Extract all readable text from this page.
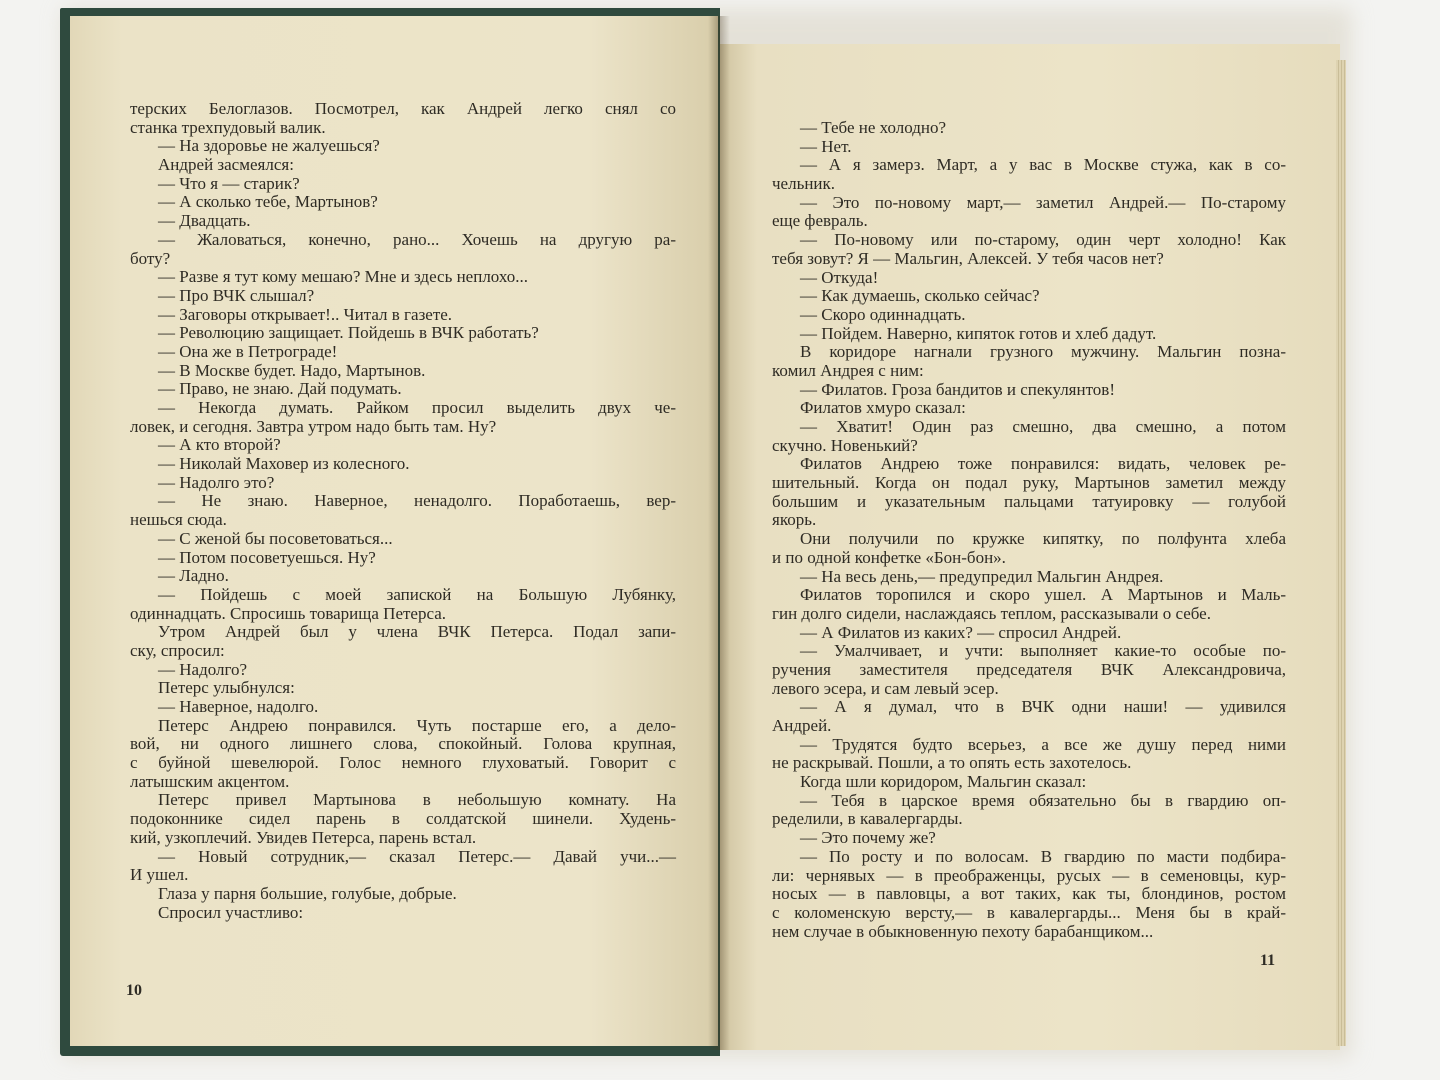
терских Белоглазов. Посмотрел, как Андрей легко снял со
станка трехпудовый валик.
— На здоровье не жалуешься?
Андрей засмеялся:
— Что я — старик?
— А сколько тебе, Мартынов?
— Двадцать.
— Жаловаться, конечно, рано... Хочешь на другую ра-
боту?
— Разве я тут кому мешаю? Мне и здесь неплохо...
— Про ВЧК слышал?
— Заговоры открывает!.. Читал в газете.
— Революцию защищает. Пойдешь в ВЧК работать?
— Она же в Петрограде!
— В Москве будет. Надо, Мартынов.
— Право, не знаю. Дай подумать.
— Некогда думать. Райком просил выделить двух че-
ловек, и сегодня. Завтра утром надо быть там. Ну?
— А кто второй?
— Николай Маховер из колесного.
— Надолго это?
— Не знаю. Наверное, ненадолго. Поработаешь, вер-
нешься сюда.
— С женой бы посоветоваться...
— Потом посоветуешься. Ну?
— Ладно.
— Пойдешь с моей запиской на Большую Лубянку,
одиннадцать. Спросишь товарища Петерса.
Утром Андрей был у члена ВЧК Петерса. Подал запи-
ску, спросил:
— Надолго?
Петерс улыбнулся:
— Наверное, надолго.
Петерс Андрею понравился. Чуть постарше его, а дело-
вой, ни одного лишнего слова, спокойный. Голова крупная,
с буйной шевелюрой. Голос немного глуховатый. Говорит с
латышским акцентом.
Петерс привел Мартынова в небольшую комнату. На
подоконнике сидел парень в солдатской шинели. Худень-
кий, узкоплечий. Увидев Петерса, парень встал.
— Новый сотрудник,— сказал Петерс.— Давай учи...—
И ушел.
Глаза у парня большие, голубые, добрые.
Спросил участливо:
10
— Тебе не холодно?
— Нет.
— А я замерз. Март, а у вас в Москве стужа, как в со-
чельник.
— Это по-новому март,— заметил Андрей.— По-старому
еще февраль.
— По-новому или по-старому, один черт холодно! Как
тебя зовут? Я — Мальгин, Алексей. У тебя часов нет?
— Откуда!
— Как думаешь, сколько сейчас?
— Скоро одиннадцать.
— Пойдем. Наверно, кипяток готов и хлеб дадут.
В коридоре нагнали грузного мужчину. Мальгин позна-
комил Андрея с ним:
— Филатов. Гроза бандитов и спекулянтов!
Филатов хмуро сказал:
— Хватит! Один раз смешно, два смешно, а потом
скучно. Новенький?
Филатов Андрею тоже понравился: видать, человек ре-
шительный. Когда он подал руку, Мартынов заметил между
большим и указательным пальцами татуировку — голубой
якорь.
Они получили по кружке кипятку, по полфунта хлеба
и по одной конфетке «Бон-бон».
— На весь день,— предупредил Мальгин Андрея.
Филатов торопился и скоро ушел. А Мартынов и Маль-
гин долго сидели, наслаждаясь теплом, рассказывали о себе.
— А Филатов из каких? — спросил Андрей.
— Умалчивает, и учти: выполняет какие-то особые по-
ручения заместителя председателя ВЧК Александровича,
левого эсера, и сам левый эсер.
— А я думал, что в ВЧК одни наши! — удивился
Андрей.
— Трудятся будто всерьез, а все же душу перед ними
не раскрывай. Пошли, а то опять есть захотелось.
Когда шли коридором, Мальгин сказал:
— Тебя в царское время обязательно бы в гвардию оп-
ределили, в кавалергарды.
— Это почему же?
— По росту и по волосам. В гвардию по масти подбира-
ли: чернявых — в преображенцы, русых — в семеновцы, кур-
носых — в павловцы, а вот таких, как ты, блондинов, ростом
с коломенскую версту,— в кавалергарды... Меня бы в край-
нем случае в обыкновенную пехоту барабанщиком...
11
